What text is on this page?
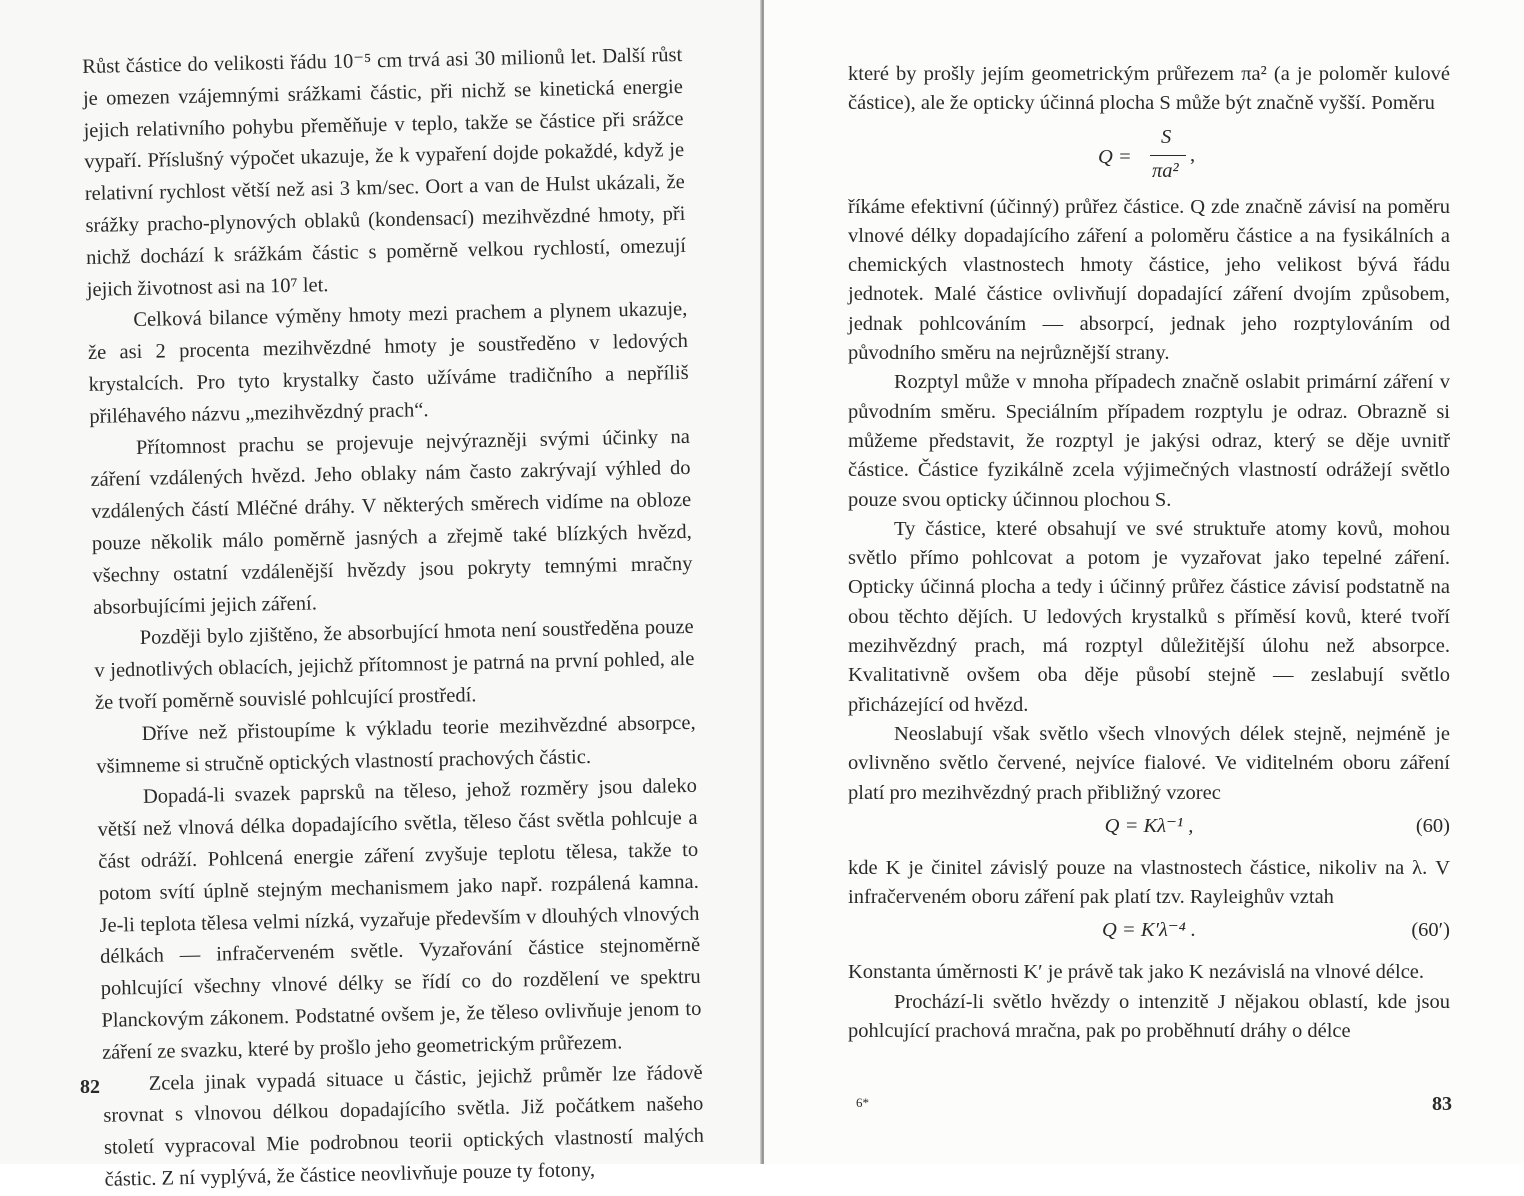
Růst částice do velikosti řádu 10⁻⁵ cm trvá asi 30 milionů let. Další růst je omezen vzájemnými srážkami částic, při nichž se kinetická energie jejich relativního pohybu přeměňuje v teplo, takže se částice při srážce vypaří. Příslušný výpočet ukazuje, že k vypaření dojde pokaždé, když je relativní rychlost větší než asi 3 km/sec. Oort a van de Hulst ukázali, že srážky pracho-plynových oblaků (kondensací) mezihvězdné hmoty, při nichž dochází k srážkám částic s poměrně velkou rychlostí, omezují jejich životnost asi na 10⁷ let.

Celková bilance výměny hmoty mezi prachem a plynem ukazuje, že asi 2 procenta mezihvězdné hmoty je soustředěno v ledových krystalcích. Pro tyto krystalky často užíváme tradičního a nepříliš přiléhavého názvu „mezihvězdný prach“.

Přítomnost prachu se projevuje nejvýrazněji svými účinky na záření vzdálených hvězd. Jeho oblaky nám často zakrývají výhled do vzdálených částí Mléčné dráhy. V některých směrech vidíme na obloze pouze několik málo poměrně jasných a zřejmě také blízkých hvězd, všechny ostatní vzdálenější hvězdy jsou pokryty temnými mračny absorbujícími jejich záření.

Později bylo zjištěno, že absorbující hmota není soustředěna pouze v jednotlivých oblacích, jejichž přítomnost je patrná na první pohled, ale že tvoří poměrně souvislé pohlcující prostředí.

Dříve než přistoupíme k výkladu teorie mezihvězdné absorpce, všimneme si stručně optických vlastností prachových částic.

Dopadá-li svazek paprsků na těleso, jehož rozměry jsou daleko větší než vlnová délka dopadajícího světla, těleso část světla pohlcuje a část odráží. Pohlcená energie záření zvyšuje teplotu tělesa, takže to potom svítí úplně stejným mechanismem jako např. rozpálená kamna. Je-li teplota tělesa velmi nízká, vyzařuje především v dlouhých vlnových délkách — infračerveném světle. Vyzařování částice stejnoměrně pohlcující všechny vlnové délky se řídí co do rozdělení ve spektru Planckovým zákonem. Podstatné ovšem je, že těleso ovlivňuje jenom to záření ze svazku, které by prošlo jeho geometrickým průřezem.

Zcela jinak vypadá situace u částic, jejichž průměr lze řádově srovnat s vlnovou délkou dopadajícího světla. Již počátkem našeho století vypracoval Mie podrobnou teorii optických vlastností malých částic. Z ní vyplývá, že částice neovlivňuje pouze ty fotony,

82

které by prošly jejím geometrickým průřezem πa² (a je poloměr kulové částice), ale že opticky účinná plocha S může být značně vyšší. Poměru

Q =
S
πa²
,

říkáme efektivní (účinný) průřez částice. Q zde značně závisí na poměru vlnové délky dopadajícího záření a poloměru částice a na fysikálních a chemických vlastnostech hmoty částice, jeho velikost bývá řádu jednotek. Malé částice ovlivňují dopadající záření dvojím způsobem, jednak pohlcováním — absorpcí, jednak jeho rozptylováním od původního směru na nejrůznější strany.

Rozptyl může v mnoha případech značně oslabit primární záření v původním směru. Speciálním případem rozptylu je odraz. Obrazně si můžeme představit, že rozptyl je jakýsi odraz, který se děje uvnitř částice. Částice fyzikálně zcela výjimečných vlastností odrážejí světlo pouze svou opticky účinnou plochou S.

Ty částice, které obsahují ve své struktuře atomy kovů, mohou světlo přímo pohlcovat a potom je vyzařovat jako tepelné záření. Opticky účinná plocha a tedy i účinný průřez částice závisí podstatně na obou těchto dějích. U ledových krystalků s příměsí kovů, které tvoří mezihvězdný prach, má rozptyl důležitější úlohu než absorpce. Kvalitativně ovšem oba děje působí stejně — zeslabují světlo přicházející od hvězd.

Neoslabují však světlo všech vlnových délek stejně, nejméně je ovlivněno světlo červené, nejvíce fialové. Ve viditelném oboru záření platí pro mezihvězdný prach přibližný vzorec

Q = Kλ⁻¹ ,	(60)

kde K je činitel závislý pouze na vlastnostech částice, nikoliv na λ. V infračerveném oboru záření pak platí tzv. Rayleighův vztah

Q = K′λ⁻⁴ .	(60′)

Konstanta úměrnosti K′ je právě tak jako K nezávislá na vlnové délce.

Prochází-li světlo hvězdy o intenzitě J nějakou oblastí, kde jsou pohlcující prachová mračna, pak po proběhnutí dráhy o délce

6*	83
